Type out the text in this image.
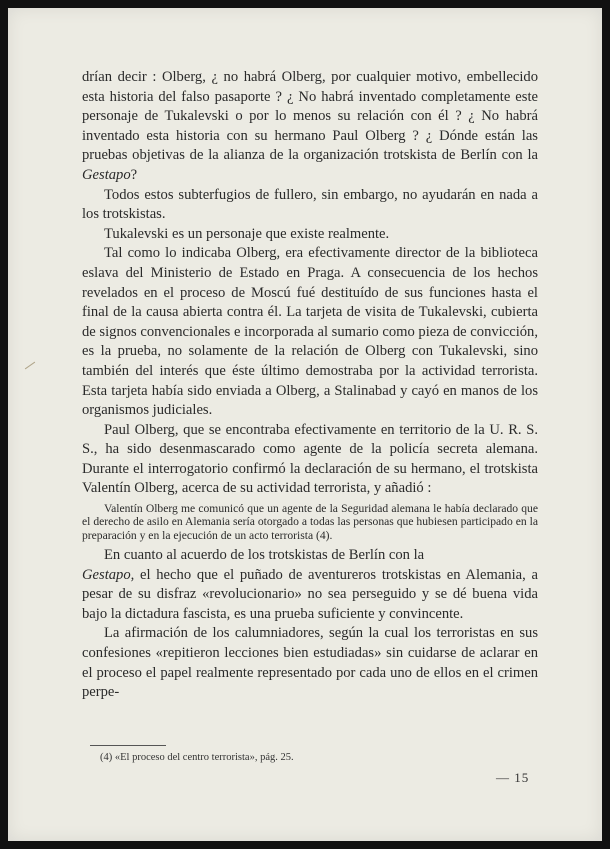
drían decir : Olberg, ¿ no habrá Olberg, por cualquier motivo, embellecido esta historia del falso pasaporte ? ¿ No habrá inventado completamente este personaje de Tukalevski o por lo menos su relación con él ? ¿ No habrá inventado esta historia con su hermano Paul Olberg ? ¿ Dónde están las pruebas objetivas de la alianza de la organización trotskista de Berlín con la Gestapo?

Todos estos subterfugios de fullero, sin embargo, no ayudarán en nada a los trotskistas.

Tukalevski es un personaje que existe realmente.

Tal como lo indicaba Olberg, era efectivamente director de la biblioteca eslava del Ministerio de Estado en Praga. A consecuencia de los hechos revelados en el proceso de Moscú fué destituído de sus funciones hasta el final de la causa abierta contra él. La tarjeta de visita de Tukalevski, cubierta de signos convencionales e incorporada al sumario como pieza de convicción, es la prueba, no solamente de la relación de Olberg con Tukalevski, sino también del interés que éste último demostraba por la actividad terrorista. Esta tarjeta había sido enviada a Olberg, a Stalinabad y cayó en manos de los organismos judiciales.

Paul Olberg, que se encontraba efectivamente en territorio de la U. R. S. S., ha sido desenmascarado como agente de la policía secreta alemana. Durante el interrogatorio confirmó la declaración de su hermano, el trotskista Valentín Olberg, acerca de su actividad terrorista, y añadió :

Valentín Olberg me comunicó que un agente de la Seguridad alemana le había declarado que el derecho de asilo en Alemania sería otorgado a todas las personas que hubiesen participado en la preparación y en la ejecución de un acto terrorista (4).

En cuanto al acuerdo de los trotskistas de Berlín con la
Gestapo, el hecho que el puñado de aventureros trotskistas en Alemania, a pesar de su disfraz «revolucionario» no sea perseguido y se dé buena vida bajo la dictadura fascista, es una prueba suficiente y convincente.

La afirmación de los calumniadores, según la cual los terroristas en sus confesiones «repitieron lecciones bien estudiadas» sin cuidarse de aclarar en el proceso el papel realmente representado por cada uno de ellos en el crimen perpe-

(4) «El proceso del centro terrorista», pág. 25.

— 15
